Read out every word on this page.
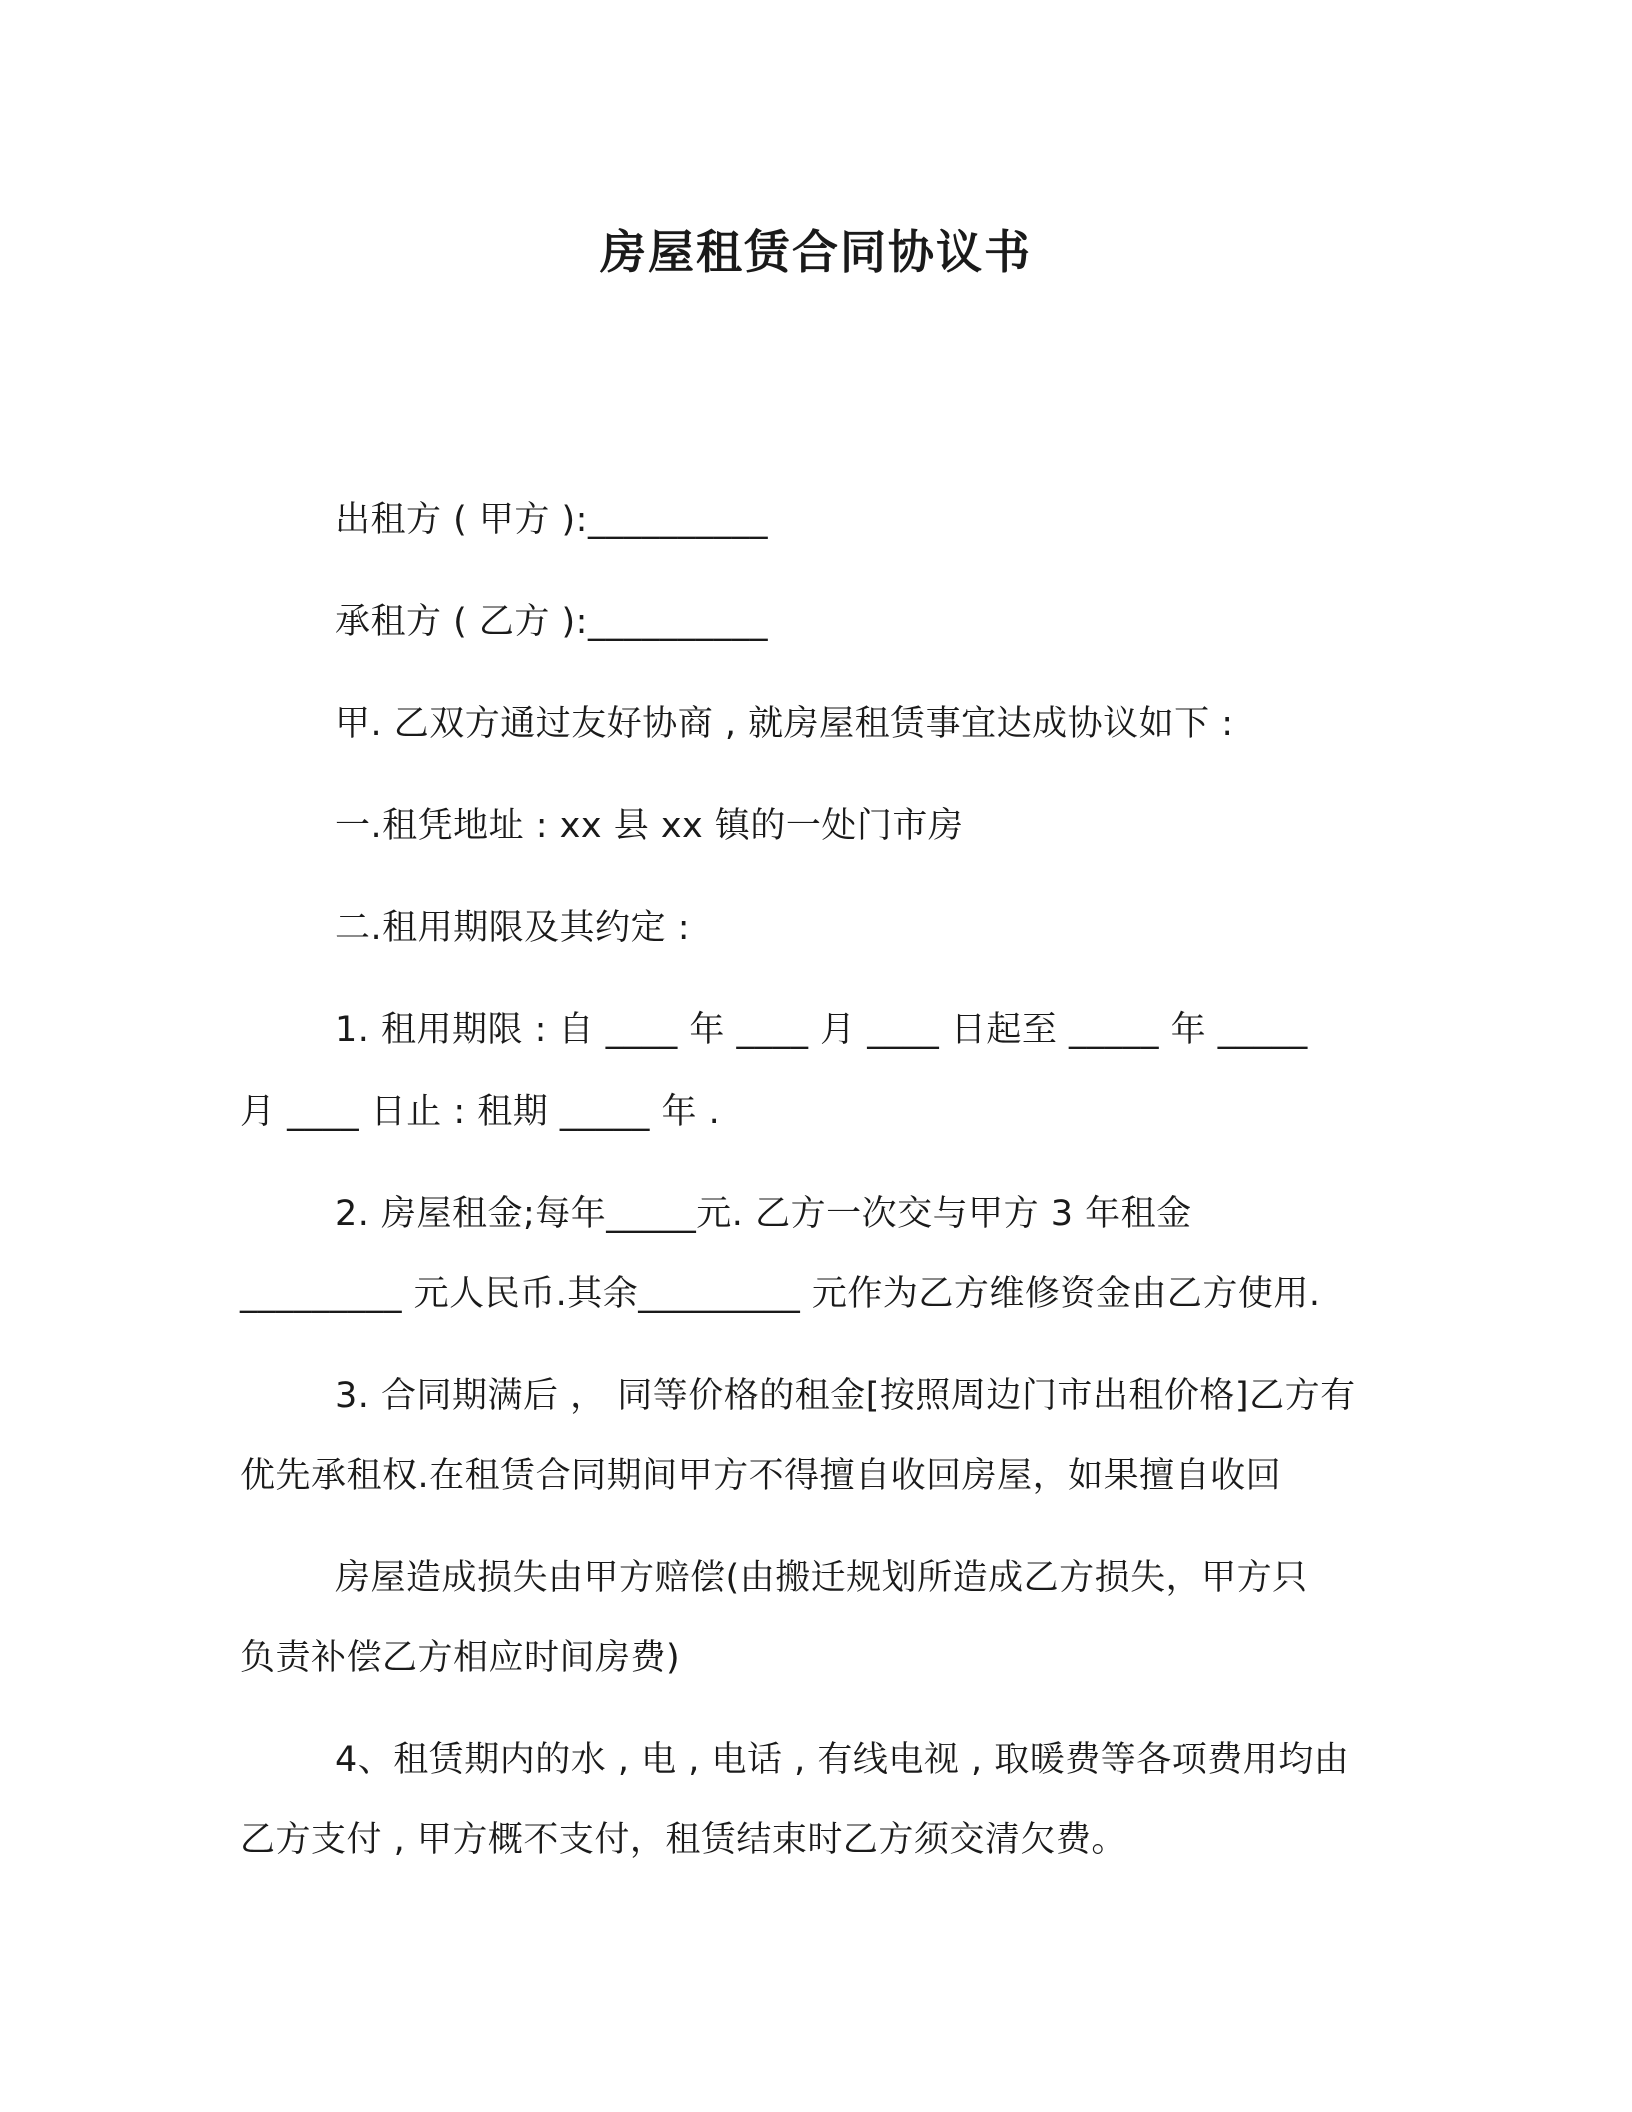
房屋租赁合同协议书
出租方 ( 甲方 ):__________
承租方 ( 乙方 ):__________
甲. 乙双方通过友好协商 , 就房屋租赁事宜达成协议如下 :
一.租凭地址 : xx 县 xx 镇的一处门市房
二.租用期限及其约定 :
1. 租用期限 : 自 ____ 年 ____ 月 ____ 日起至 _____ 年 _____
月 ____ 日止 : 租期 _____ 年 .
2. 房屋租金;每年_____元. 乙方一次交与甲方 3 年租金
_________ 元人民币.其余_________ 元作为乙方维修资金由乙方使用.
3. 合同期满后 ， 同等价格的租金[按照周边门市出租价格]乙方有
优先承租权.在租赁合同期间甲方不得擅自收回房屋，如果擅自收回
房屋造成损失由甲方赔偿(由搬迁规划所造成乙方损失，甲方只
负责补偿乙方相应时间房费)
4、租赁期内的水 , 电 , 电话 , 有线电视 , 取暖费等各项费用均由
乙方支付 , 甲方概不支付，租赁结束时乙方须交清欠费。
